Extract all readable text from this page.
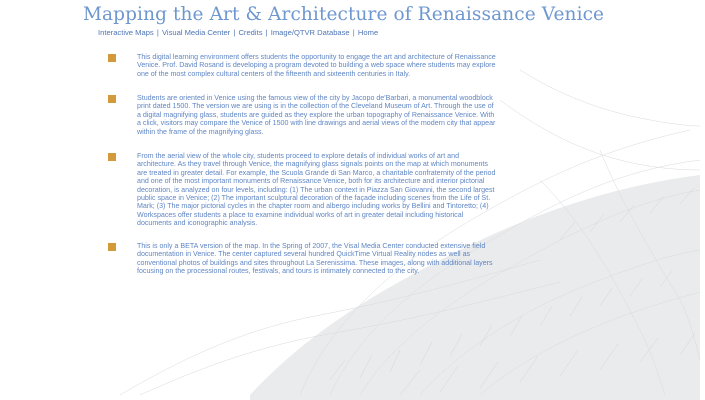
Mapping the Art & Architecture of Renaissance Venice
Interactive Maps | Visual Media Center | Credits | Image/QTVR Database | Home

This digital learning environment offers students the opportunity to engage the art and architecture of Renaissance Venice. Prof. David Rosand is developing a program devoted to building a web space where students may explore one of the most complex cultural centers of the fifteenth and sixteenth centuries in Italy.

Students are oriented in Venice using the famous view of the city by Jacopo de'Barbari, a monumental woodblock print dated 1500. The version we are using is in the collection of the Cleveland Museum of Art. Through the use of a digital magnifying glass, students are guided as they explore the urban topography of Renaissance Venice. With a click, visitors may compare the Venice of 1500 with line drawings and aerial views of the modern city that appear within the frame of the magnifying glass.

From the aerial view of the whole city, students proceed to explore details of individual works of art and architecture. As they travel through Venice, the magnifying glass signals points on the map at which monuments are treated in greater detail. For example, the Scuola Grande di San Marco, a charitable confraternity of the period and one of the most important monuments of Renaissance Venice, both for its architecture and interior pictorial decoration, is analyzed on four levels, including: (1) The urban context in Piazza San Giovanni, the second largest public space in Venice; (2) The important sculptural decoration of the façade including scenes from the Life of St. Mark; (3) The major pictorial cycles in the chapter room and albergo including works by Bellini and Tintoretto; (4) Workspaces offer students a place to examine individual works of art in greater detail including historical documents and iconographic analysis.

This is only a BETA version of the map. In the Spring of 2007, the Visal Media Center conducted extensive field documentation in Venice. The center captured several hundred QuickTime Virtual Reality nodes as well as conventional photos of buildings and sites throughout La Serenissima. These images, along with additional layers focusing on the processional routes, festivals, and tours is intimately connected to the city.
